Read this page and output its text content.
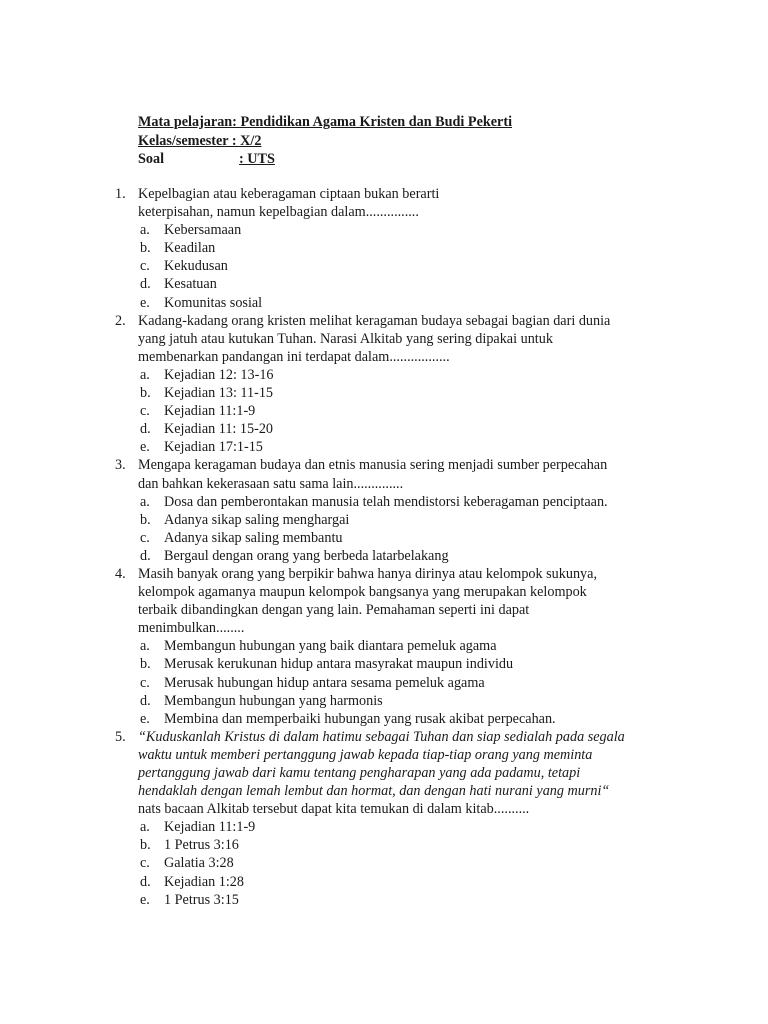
Mata pelajaran: Pendidikan Agama Kristen dan Budi Pekerti
Kelas/semester : X/2
Soal	: UTS
1. Kepelbagian atau keberagaman ciptaan bukan berarti
keterpisahan, namun kepelbagian dalam...............
a. Kebersamaan
b. Keadilan
c. Kekudusan
d. Kesatuan
e. Komunitas sosial
2. Kadang-kadang orang kristen melihat keragaman budaya sebagai bagian dari dunia
yang jatuh atau kutukan Tuhan. Narasi Alkitab yang sering dipakai untuk
membenarkan pandangan ini terdapat dalam.................
a. Kejadian 12: 13-16
b. Kejadian 13: 11-15
c. Kejadian 11:1-9
d. Kejadian 11: 15-20
e. Kejadian 17:1-15
3. Mengapa keragaman budaya dan etnis manusia sering menjadi sumber perpecahan
dan bahkan kekerasaan satu sama lain..............
a. Dosa dan pemberontakan manusia telah mendistorsi keberagaman penciptaan.
b. Adanya sikap saling menghargai
c. Adanya sikap saling membantu
d. Bergaul dengan orang yang berbeda latarbelakang
4. Masih banyak orang yang berpikir bahwa hanya dirinya atau kelompok sukunya,
kelompok agamanya maupun kelompok bangsanya yang merupakan kelompok
terbaik dibandingkan dengan yang lain. Pemahaman seperti ini dapat
menimbulkan........
a. Membangun hubungan yang baik diantara pemeluk agama
b. Merusak kerukunan hidup antara masyrakat maupun individu
c. Merusak hubungan hidup antara sesama pemeluk agama
d. Membangun hubungan yang harmonis
e. Membina dan memperbaiki hubungan yang rusak akibat perpecahan.
5. “Kuduskanlah Kristus di dalam hatimu sebagai Tuhan dan siap sedialah pada segala
waktu untuk memberi pertanggung jawab kepada tiap-tiap orang yang meminta
pertanggung jawab dari kamu tentang pengharapan yang ada padamu, tetapi
hendaklah dengan lemah lembut dan hormat, dan dengan hati nurani yang murni“
nats bacaan Alkitab tersebut dapat kita temukan di dalam kitab..........
a. Kejadian 11:1-9
b. 1 Petrus 3:16
c. Galatia 3:28
d. Kejadian 1:28
e. 1 Petrus 3:15
